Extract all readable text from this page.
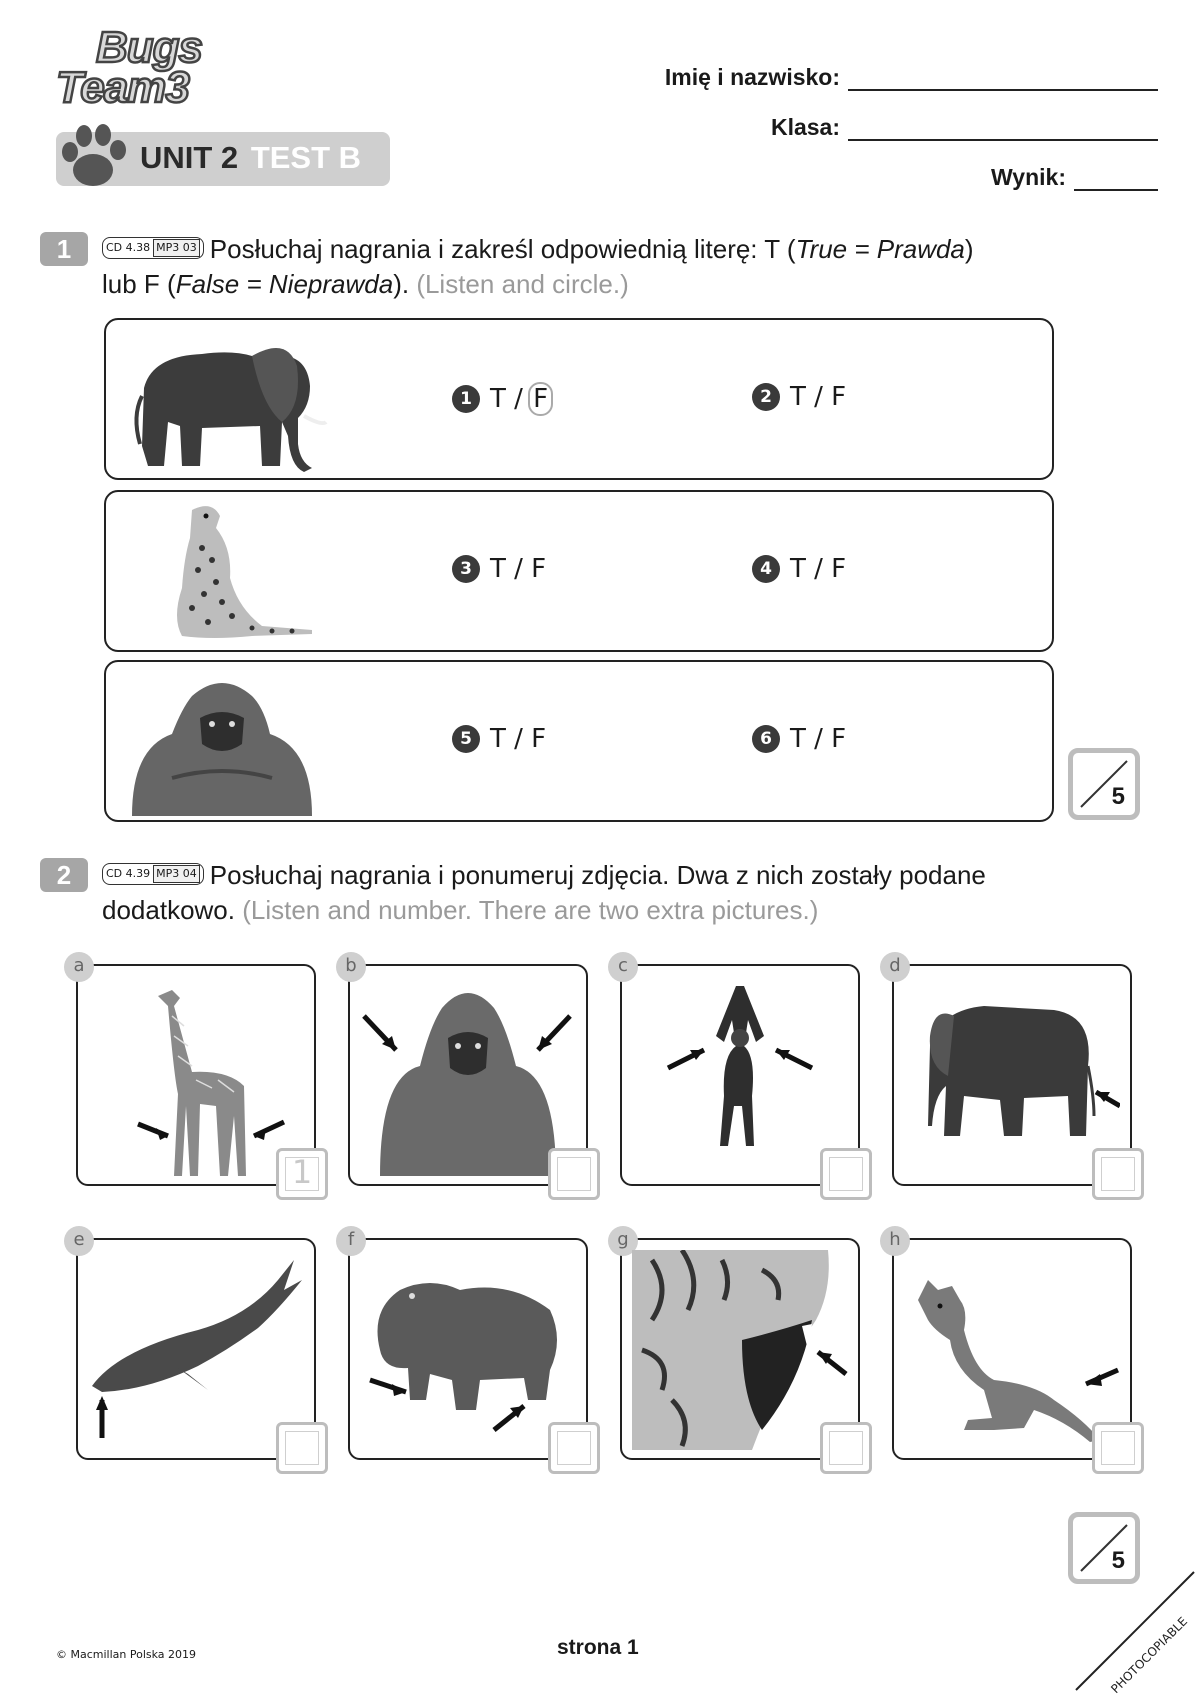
Bugs
Team3
UNIT 2 TEST B
Imię i nazwisko:
Klasa:
Wynik:
1	CD 4.38 MP3 03 Posłuchaj nagrania i zakreśl odpowiednią literę: T (True = Prawda)
lub F (False = Nieprawda). (Listen and circle.)
1 T / F	2 T / F
3 T / F	4 T / F
5 T / F	6 T / F
5
2	CD 4.39 MP3 04 Posłuchaj nagrania i ponumeruj zdjęcia. Dwa z nich zostały podane
dodatkowo. (Listen and number. There are two extra pictures.)
a
1
b	c	d
e	f	g	h
5
© Macmillan Polska 2019	strona 1	PHOTOCOPIABLE
